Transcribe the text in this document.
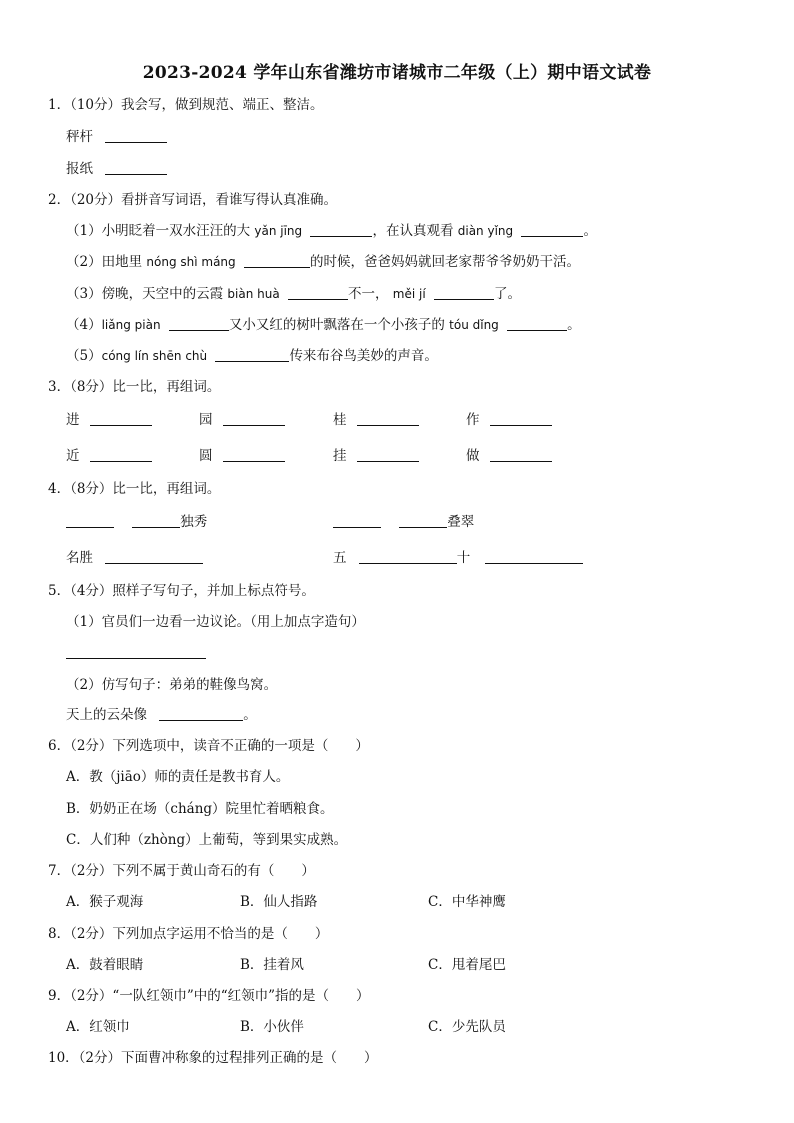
2023-2024 学年山东省潍坊市诸城市二年级（上）期中语文试卷
1．（10分）我会写，做到规范、端正、整洁。
秤杆
报纸
2．（20分）看拼音写词语，看谁写得认真准确。
（1）小明眨着一双水汪汪的大 yǎn jīng	，在认真观看 diàn yǐng	。
（2）田地里 nóng shì máng	的时候，爸爸妈妈就回老家帮爷爷奶奶干活。
（3）傍晚，天空中的云霞 biàn huà	不一， měi jí	了。
（4）liǎng piàn	又小又红的树叶飘落在一个小孩子的 tóu dǐng	。
（5）cóng lín shēn chù	传来布谷鸟美妙的声音。
3．（8分）比一比，再组词。
进	园	桂	作
近	圆	挂	做
4．（8分）比一比，再组词。
独秀	叠翠
名胜	五	十
5．（4分）照样子写句子，并加上标点符号。
（1）官员们一边看一边议论。（用上加点字造句）
（2）仿写句子：弟弟的鞋像鸟窝。
天上的云朵像	。
6．（2分）下列选项中，读音不正确的一项是（　　）
A．教（jiāo）师的责任是教书育人。
B．奶奶正在场（cháng）院里忙着晒粮食。
C．人们种（zhòng）上葡萄，等到果实成熟。
7．（2分）下列不属于黄山奇石的有（　　）
A．猴子观海	B．仙人指路	C．中华神鹰
8．（2分）下列加点字运用不恰当的是（　　）
A．鼓着眼睛	B．挂着风	C．甩着尾巴
9．（2分）“一队红领巾”中的“红领巾”指的是（　　）
A．红领巾	B．小伙伴	C．少先队员
10．（2分）下面曹冲称象的过程排列正确的是（　　）
